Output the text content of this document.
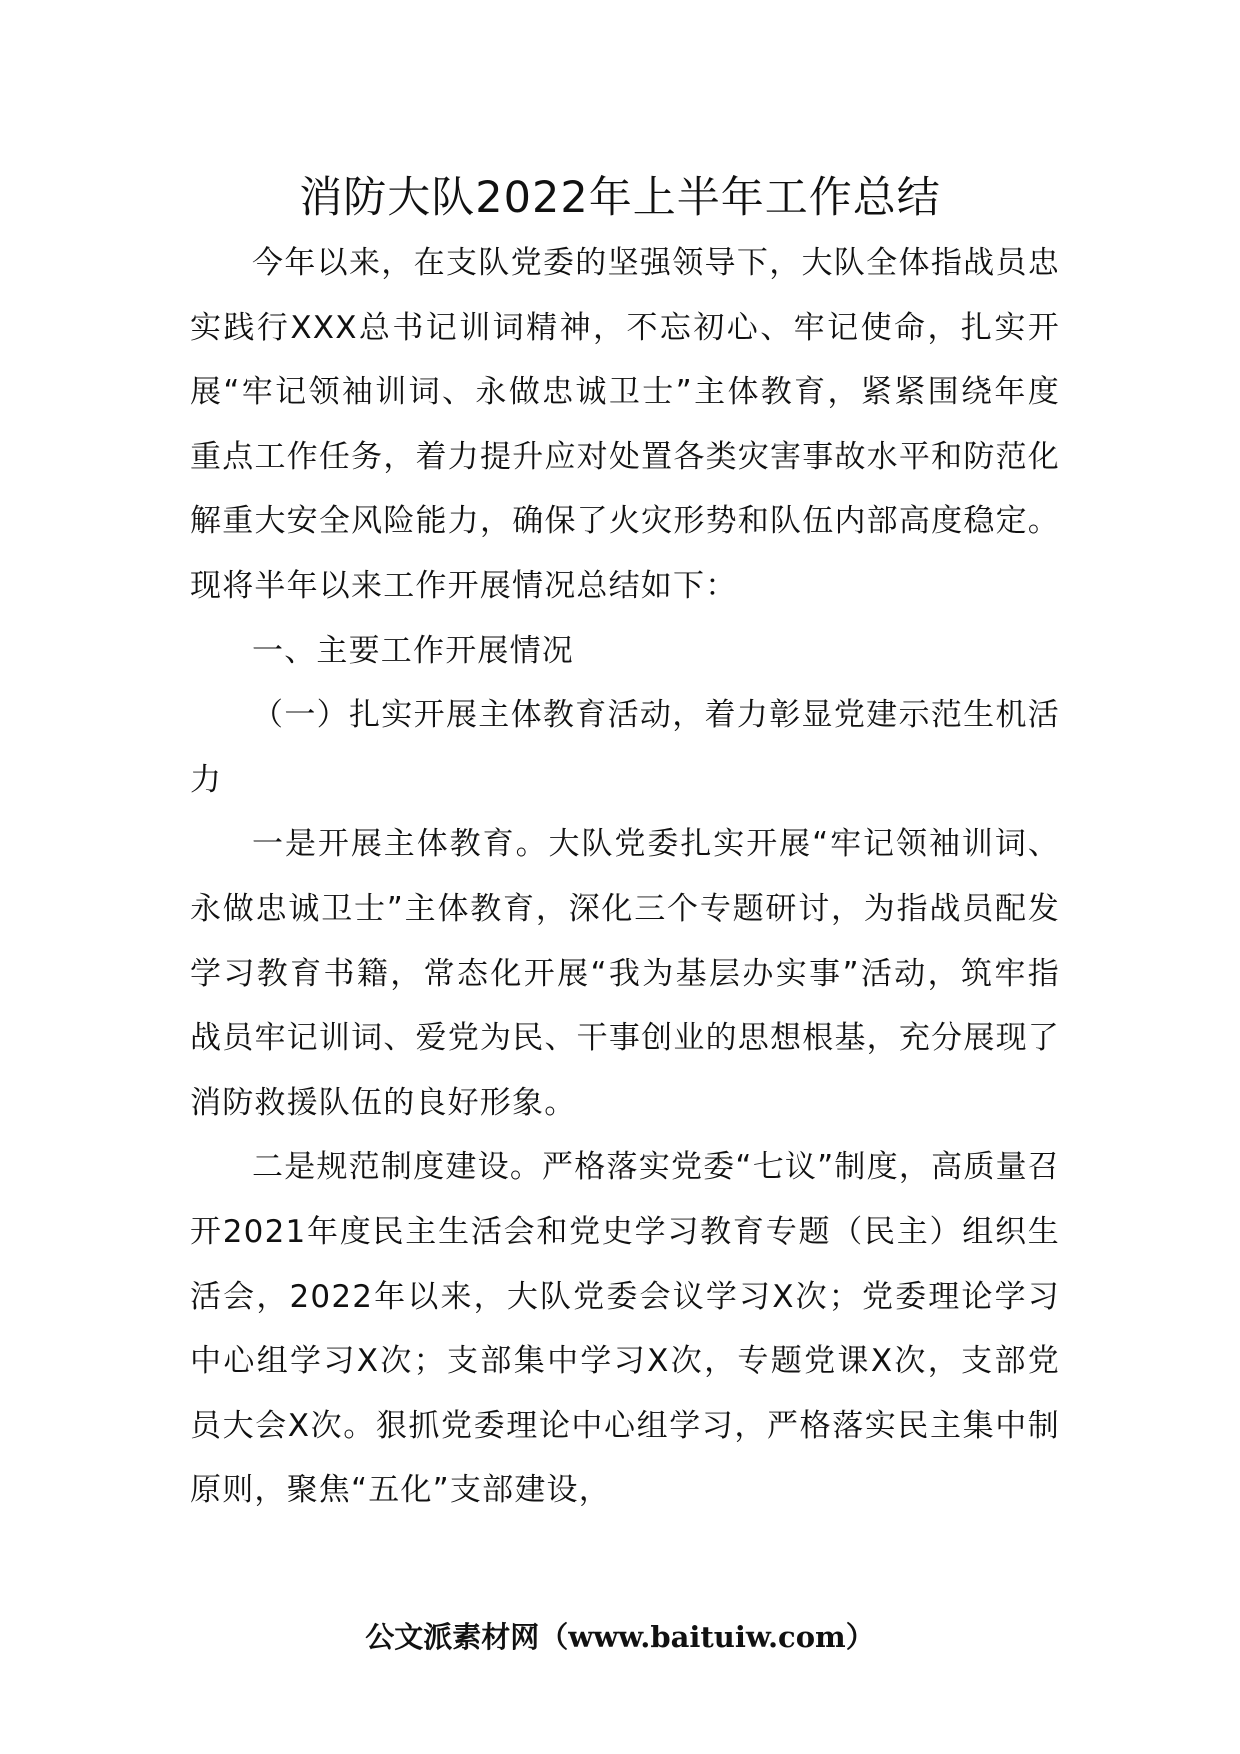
消防大队2022年上半年工作总结

今年以来，在支队党委的坚强领导下，大队全体指战员忠实践行XXX总书记训词精神，不忘初心、牢记使命，扎实开展“牢记领袖训词、永做忠诚卫士”主体教育，紧紧围绕年度重点工作任务，着力提升应对处置各类灾害事故水平和防范化解重大安全风险能力，确保了火灾形势和队伍内部高度稳定。现将半年以来工作开展情况总结如下：

一、主要工作开展情况

（一）扎实开展主体教育活动，着力彰显党建示范生机活力

一是开展主体教育。大队党委扎实开展“牢记领袖训词、永做忠诚卫士”主体教育，深化三个专题研讨，为指战员配发学习教育书籍，常态化开展“我为基层办实事”活动，筑牢指战员牢记训词、爱党为民、干事创业的思想根基，充分展现了消防救援队伍的良好形象。

二是规范制度建设。严格落实党委“七议”制度，高质量召开2021年度民主生活会和党史学习教育专题（民主）组织生活会，2022年以来，大队党委会议学习X次；党委理论学习中心组学习X次；支部集中学习X次，专题党课X次，支部党员大会X次。狠抓党委理论中心组学习，严格落实民主集中制原则，聚焦“五化”支部建设，

公文派素材网（www.baituiw.com）
